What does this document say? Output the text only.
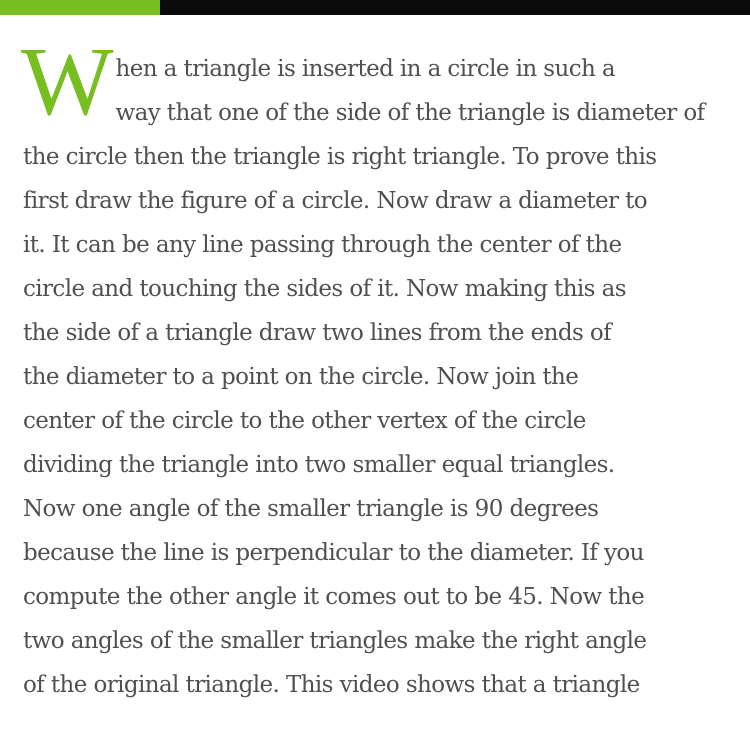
W hen a triangle is inserted in a circle in such a
way that one of the side of the triangle is diameter of
the circle then the triangle is right triangle. To prove this
first draw the figure of a circle. Now draw a diameter to
it. It can be any line passing through the center of the
circle and touching the sides of it. Now making this as
the side of a triangle draw two lines from the ends of
the diameter to a point on the circle. Now join the
center of the circle to the other vertex of the circle
dividing the triangle into two smaller equal triangles.
Now one angle of the smaller triangle is 90 degrees
because the line is perpendicular to the diameter. If you
compute the other angle it comes out to be 45. Now the
two angles of the smaller triangles make the right angle
of the original triangle. This video shows that a triangle
